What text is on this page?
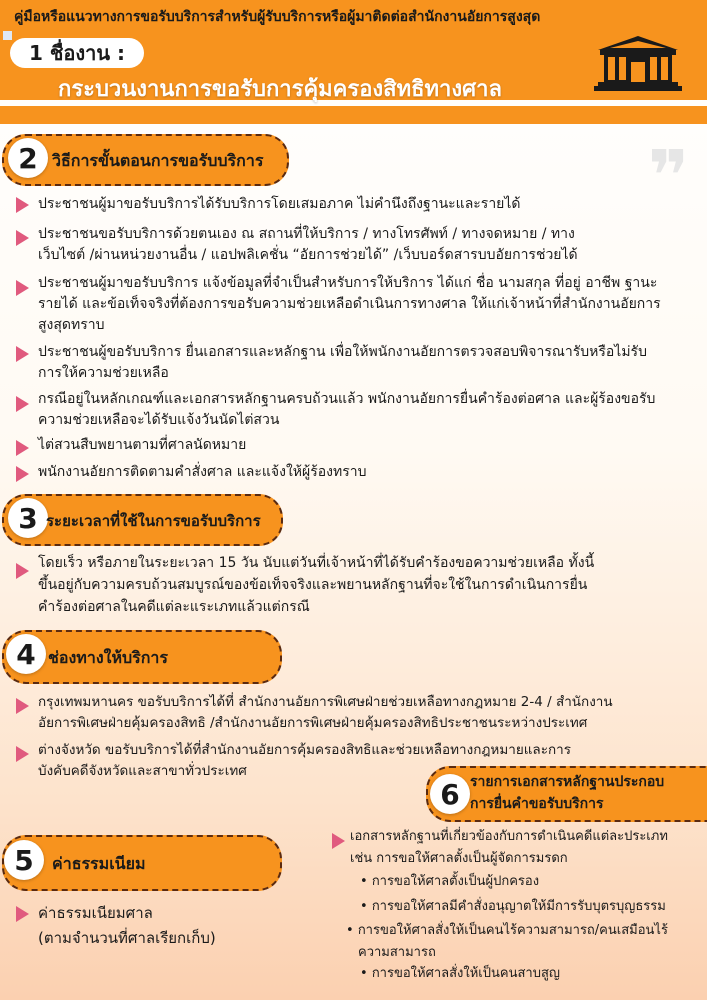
คู่มือหรือแนวทางการขอรับบริการสำหรับผู้รับบริการหรือผู้มาติดต่อสำนักงานอัยการสูงสุด
1 ชื่องาน :
กระบวนงานการขอรับการคุ้มครองสิทธิทางศาล
❞
2 วิธีการขั้นตอนการขอรับบริการ
ประชาชนผู้มาขอรับบริการได้รับบริการโดยเสมอภาค ไม่คำนึงถึงฐานะและรายได้
ประชาชนขอรับบริการด้วยตนเอง ณ สถานที่ให้บริการ / ทางโทรศัพท์ / ทางจดหมาย / ทาง
เว็บไซต์ /ผ่านหน่วยงานอื่น / แอปพลิเคชั่น “อัยการช่วยได้” /เว็บบอร์ดสารบบอัยการช่วยได้
ประชาชนผู้มาขอรับบริการ แจ้งข้อมูลที่จำเป็นสำหรับการให้บริการ ได้แก่ ชื่อ นามสกุล ที่อยู่ อาชีพ ฐานะ
รายได้ และข้อเท็จจริงที่ต้องการขอรับความช่วยเหลือดำเนินการทางศาล ให้แก่เจ้าหน้าที่สำนักงานอัยการ
สูงสุดทราบ
ประชาชนผู้ขอรับบริการ ยื่นเอกสารและหลักฐาน เพื่อให้พนักงานอัยการตรวจสอบพิจารณารับหรือไม่รับ
การให้ความช่วยเหลือ
กรณีอยู่ในหลักเกณฑ์และเอกสารหลักฐานครบถ้วนแล้ว พนักงานอัยการยื่นคำร้องต่อศาล และผู้ร้องขอรับ
ความช่วยเหลือจะได้รับแจ้งวันนัดไต่สวน
ไต่สวนสืบพยานตามที่ศาลนัดหมาย
พนักงานอัยการติดตามคำสั่งศาล และแจ้งให้ผู้ร้องทราบ
3 ระยะเวลาที่ใช้ในการขอรับบริการ
โดยเร็ว หรือภายในระยะเวลา 15 วัน นับแต่วันที่เจ้าหน้าที่ได้รับคำร้องขอความช่วยเหลือ ทั้งนี้
ขึ้นอยู่กับความครบถ้วนสมบูรณ์ของข้อเท็จจริงและพยานหลักฐานที่จะใช้ในการดำเนินการยื่น
คำร้องต่อศาลในคดีแต่ละแระเภทแล้วแต่กรณี
4 ช่องทางให้บริการ
กรุงเทพมหานคร ขอรับบริการได้ที่ สำนักงานอัยการพิเศษฝ่ายช่วยเหลือทางกฎหมาย 2-4 / สำนักงาน
อัยการพิเศษฝ่ายคุ้มครองสิทธิ /สำนักงานอัยการพิเศษฝ่ายคุ้มครองสิทธิประชาชนระหว่างประเทศ
ต่างจังหวัด ขอรับบริการได้ที่สำนักงานอัยการคุ้มครองสิทธิและช่วยเหลือทางกฎหมายและการ
บังคับคดีจังหวัดและสาขาทั่วประเทศ
6 รายการเอกสารหลักฐานประกอบ
การยื่นคำขอรับบริการ
5	ค่าธรรมเนียม
ค่าธรรมเนียมศาล
(ตามจำนวนที่ศาลเรียกเก็บ)
เอกสารหลักฐานที่เกี่ยวข้องกับการดำเนินคดีแต่ละประเภท
เช่น การขอให้ศาลตั้งเป็นผู้จัดการมรดก
• การขอให้ศาลตั้งเป็นผู้ปกครอง
• การขอให้ศาลมีคำสั่งอนุญาตให้มีการรับบุตรบุญธรรม
• การขอให้ศาลสั่งให้เป็นคนไร้ความสามารถ/คนเสมือนไร้
ความสามารถ
• การขอให้ศาลสั่งให้เป็นคนสาบสูญ
